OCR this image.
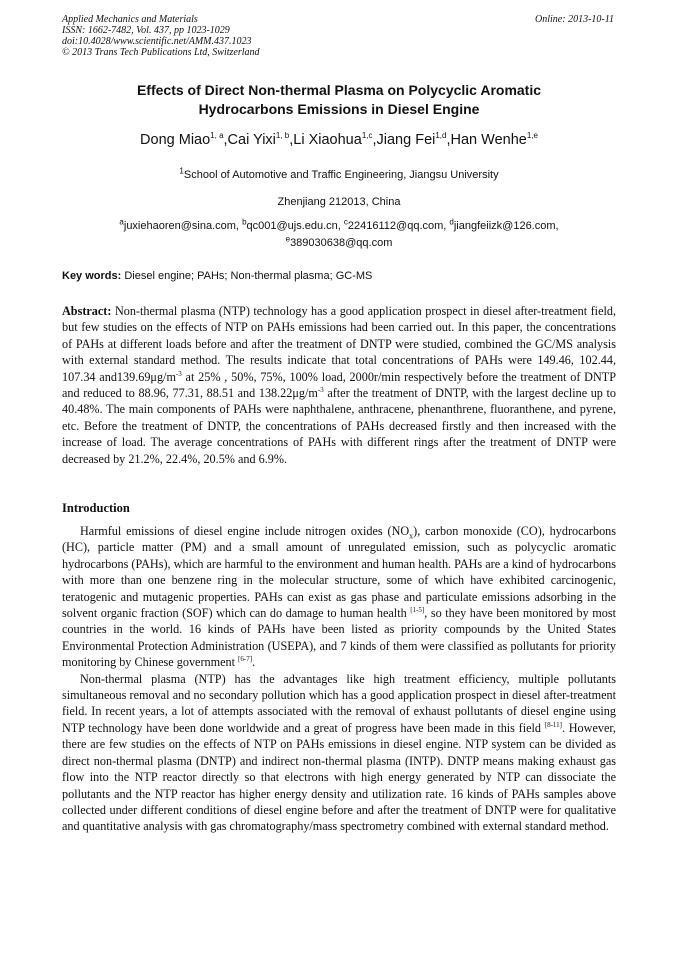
Applied Mechanics and Materials
ISSN: 1662-7482, Vol. 437, pp 1023-1029
doi:10.4028/www.scientific.net/AMM.437.1023
© 2013 Trans Tech Publications Ltd, Switzerland
Online: 2013-10-11
Effects of Direct Non-thermal Plasma on Polycyclic Aromatic
Hydrocarbons Emissions in Diesel Engine
Dong Miao$^{1, a}$,Cai Yixi$^{1, b}$,Li Xiaohua$^{1,c}$,Jiang Fei$^{1,d}$,Han Wenhe$^{1,e}$
$^1$School of Automotive and Traffic Engineering, Jiangsu University
Zhenjiang 212013, China
$^a$juxiehaoren@sina.com, $^b$qc001@ujs.edu.cn, $^c$22416112@qq.com, $^d$jiangfeiizk@126.com,
$^e$389030638@qq.com
Key words: Diesel engine; PAHs; Non-thermal plasma; GC-MS
Abstract: Non-thermal plasma (NTP) technology has a good application prospect in diesel after-treatment field, but few studies on the effects of NTP on PAHs emissions had been carried out. In this paper, the concentrations of PAHs at different loads before and after the treatment of DNTP were studied, combined the GC/MS analysis with external standard method. The results indicate that total concentrations of PAHs were 149.46, 102.44, 107.34 and139.69μg/m$^{-3}$ at 25% , 50%, 75%, 100% load, 2000r/min respectively before the treatment of DNTP and reduced to 88.96, 77.31, 88.51 and 138.22μg/m$^{-3}$ after the treatment of DNTP, with the largest decline up to 40.48%. The main components of PAHs were naphthalene, anthracene, phenanthrene, fluoranthene, and pyrene, etc. Before the treatment of DNTP, the concentrations of PAHs decreased firstly and then increased with the increase of load. The average concentrations of PAHs with different rings after the treatment of DNTP were decreased by 21.2%, 22.4%, 20.5% and 6.9%.
Introduction

Harmful emissions of diesel engine include nitrogen oxides $(NO_x)$, carbon monoxide (CO), hydrocarbons (HC), particle matter (PM) and a small amount of unregulated emission, such as polycyclic aromatic hydrocarbons (PAHs), which are harmful to the environment and human health. PAHs are a kind of hydrocarbons with more than one benzene ring in the molecular structure, some of which have exhibited carcinogenic, teratogenic and mutagenic properties. PAHs can exist as gas phase and particulate emissions adsorbing in the solvent organic fraction (SOF) which can do damage to human health [1-5], so they have been monitored by most countries in the world. 16 kinds of PAHs have been listed as priority compounds by the United States Environmental Protection Administration (USEPA), and 7 kinds of them were classified as pollutants for priority monitoring by Chinese government [6-7].

Non-thermal plasma (NTP) has the advantages like high treatment efficiency, multiple pollutants simultaneous removal and no secondary pollution which has a good application prospect in diesel after-treatment field. In recent years, a lot of attempts associated with the removal of exhaust pollutants of diesel engine using NTP technology have been done worldwide and a great of progress have been made in this field [8-11]. However, there are few studies on the effects of NTP on PAHs emissions in diesel engine. NTP system can be divided as direct non-thermal plasma (DNTP) and indirect non-thermal plasma (INTP). DNTP means making exhaust gas flow into the NTP reactor directly so that electrons with high energy generated by NTP can dissociate the pollutants and the NTP reactor has higher energy density and utilization rate. 16 kinds of PAHs samples above collected under different conditions of diesel engine before and after the treatment of DNTP were for qualitative and quantitative analysis with gas chromatography/mass spectrometry combined with external standard method.
